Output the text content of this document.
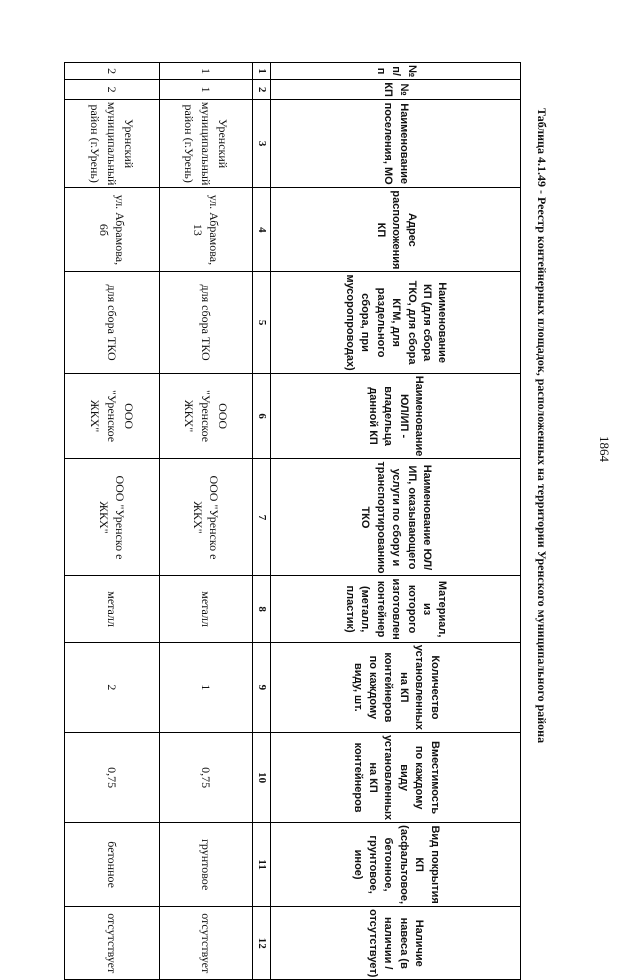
1864
Таблица 4.1.49 - Реестр контейнерных площадок, расположенных на территории Уренского муниципального района
№ п/п	№ КП	Наименование поселения, МО	Адрес расположения КП	Наименование КП (для сбора ТКО, для сбора КГМ, для раздельного сбора, при мусоропроводах)	Наименование ЮЛ/ИП - владельца данной КП	Наименование ЮЛ/ИП, оказывающего услуги по сбору и транспортированию ТКО	Материал, из которого изготовлен контейнер (металл, пластик)	Количество установленных на КП контейнеров по каждому виду, шт.	Вместимость по каждому виду установленных на КП контейнеров	Вид покрытия КП (асфальтовое, бетонное, грунтовое, иное)	Наличие навеса (в наличии / отсутствует)
1	2	3	4	5	6	7	8	9	10	11	12
1	1	Уренский муниципальный район (г.Урень)	ул. Абрамова, 13	для сбора ТКО	ООО "Уренское ЖКХ"	ООО "Уренско е ЖКХ"	металл	1	0,75	грунтовое	отсутствует
2	2	Уренский муниципальный район (г.Урень)	ул. Абрамова, 6б	для сбора ТКО	ООО "Уренское ЖКХ"	ООО "Уренско е ЖКХ"	металл	2	0,75	бетонное	отсутствует
